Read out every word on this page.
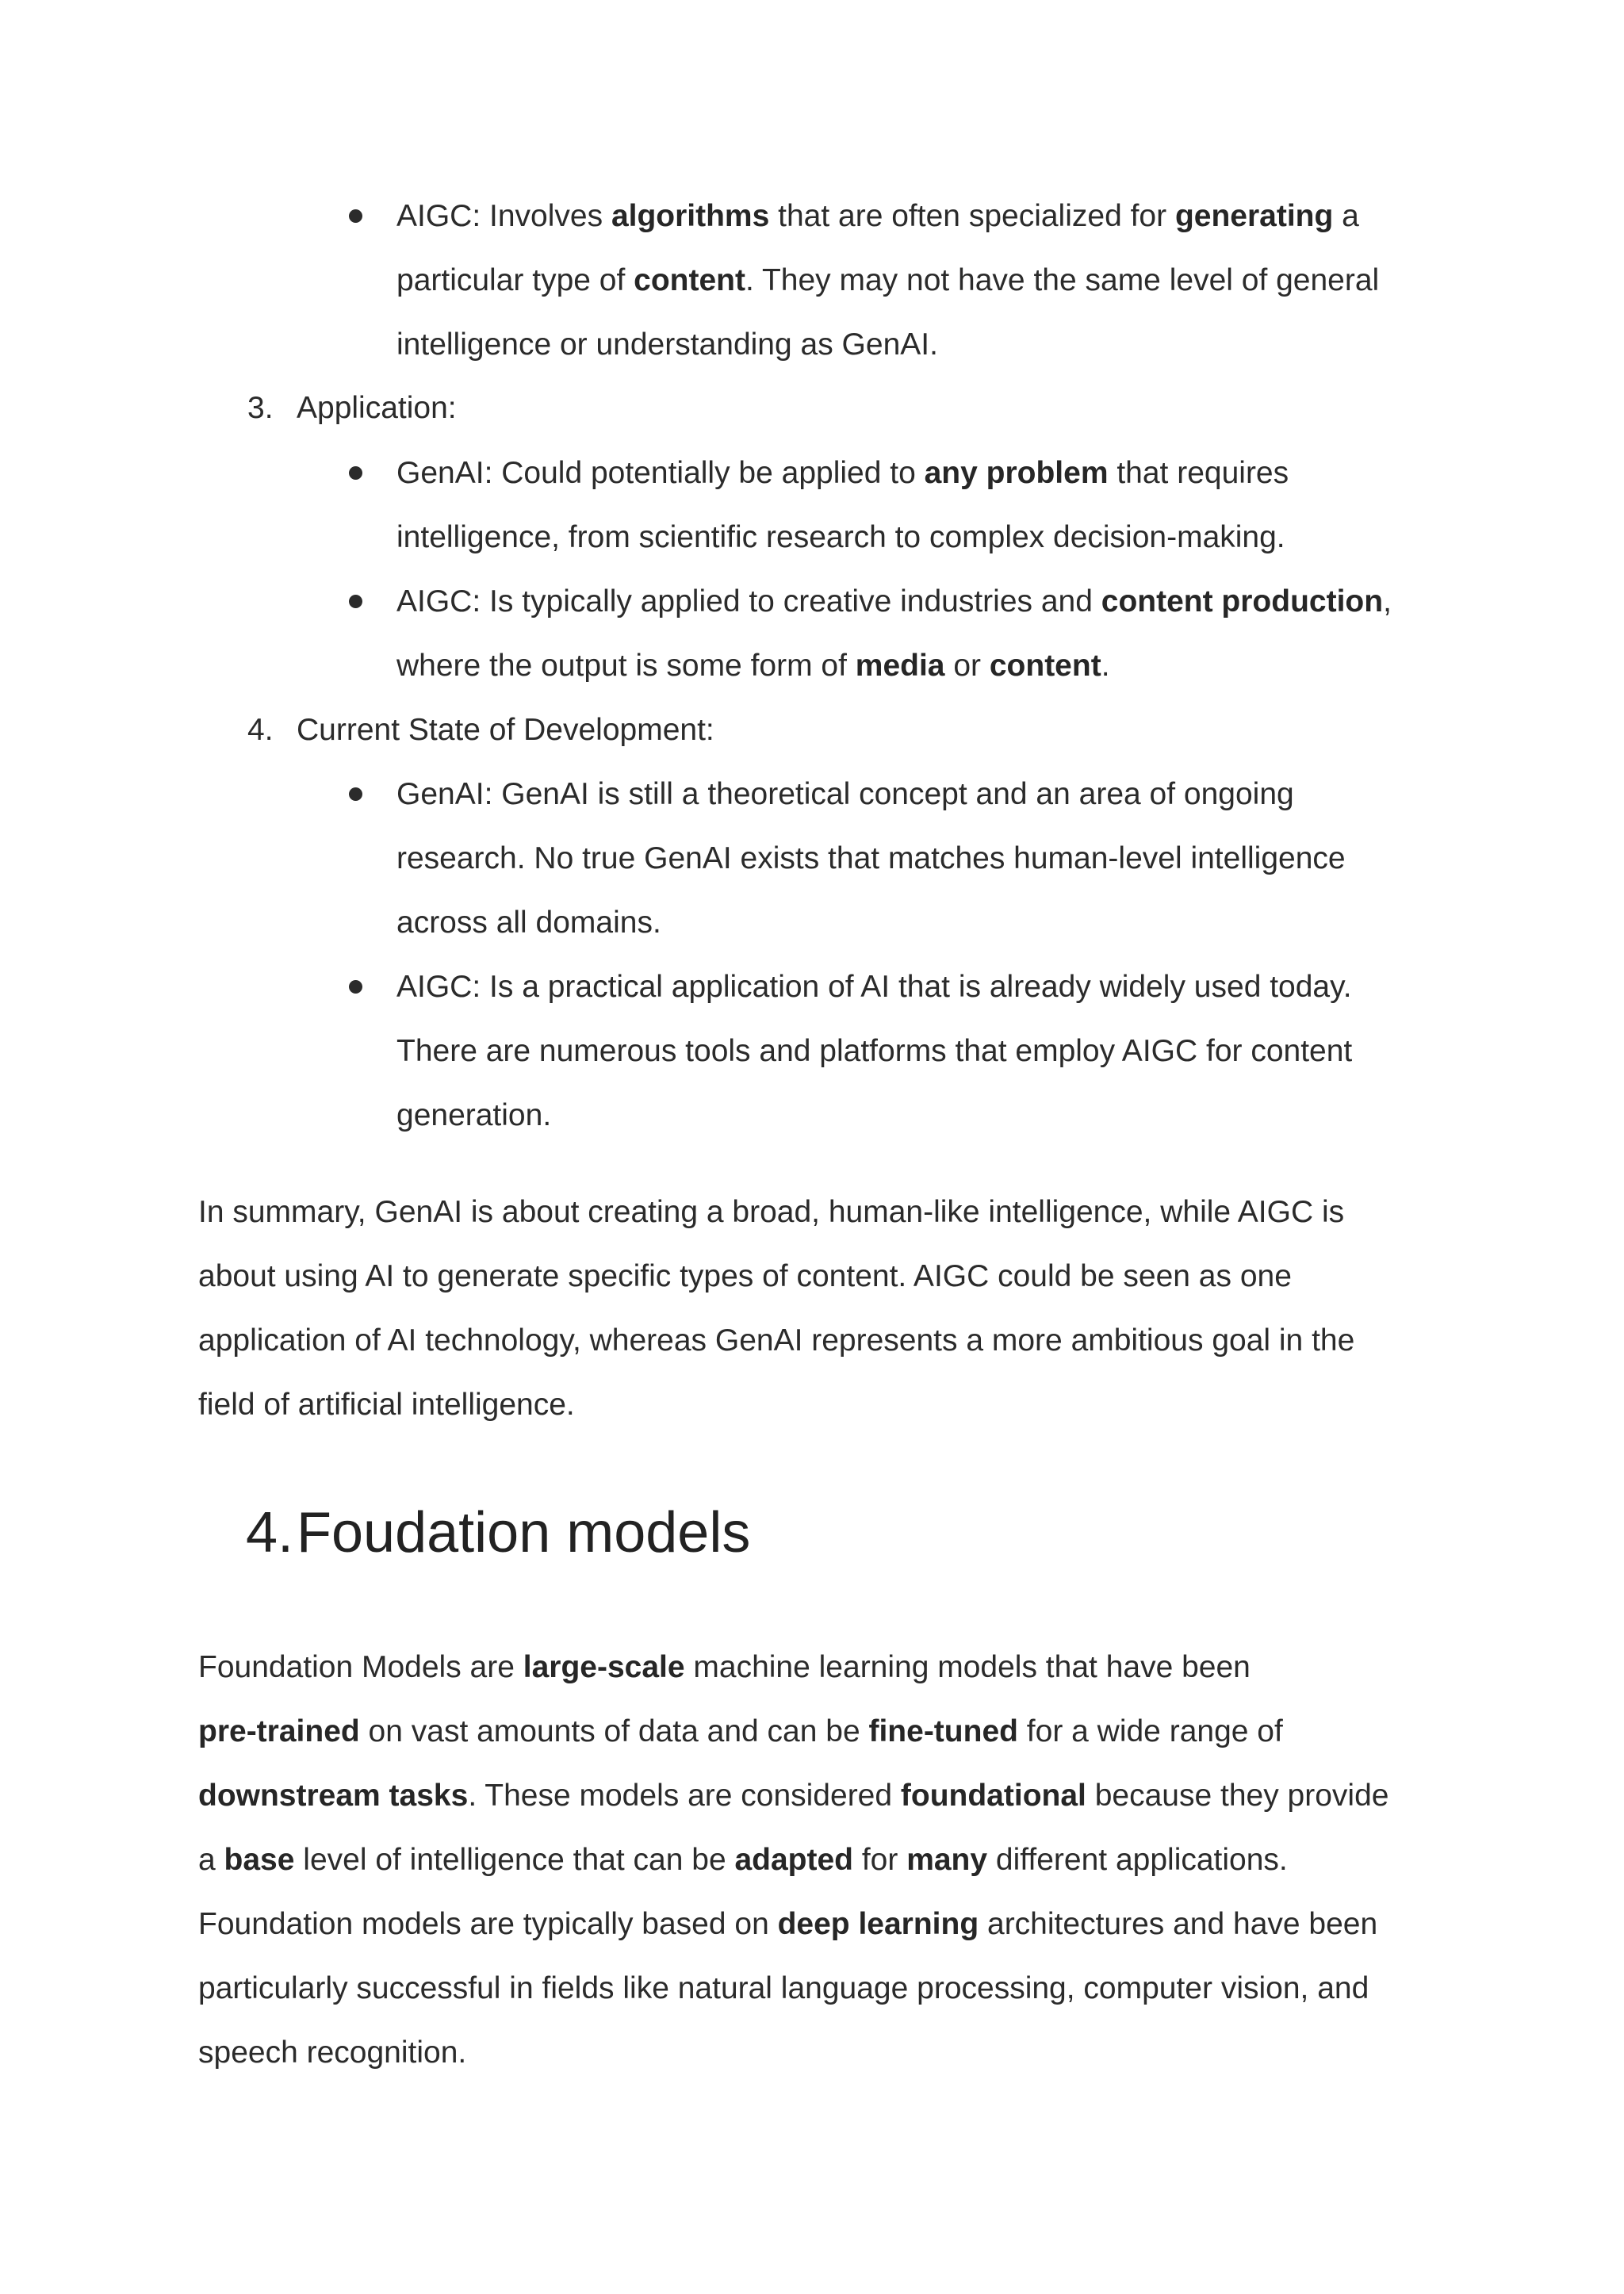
AIGC: Involves algorithms that are often specialized for generating a
particular type of content. They may not have the same level of general
intelligence or understanding as GenAI.
3. Application:
GenAI: Could potentially be applied to any problem that requires
intelligence, from scientific research to complex decision-making.
AIGC: Is typically applied to creative industries and content production,
where the output is some form of media or content.
4. Current State of Development:
GenAI: GenAI is still a theoretical concept and an area of ongoing
research. No true GenAI exists that matches human-level intelligence
across all domains.
AIGC: Is a practical application of AI that is already widely used today.
There are numerous tools and platforms that employ AIGC for content
generation.
In summary, GenAI is about creating a broad, human-like intelligence, while AIGC is
about using AI to generate specific types of content. AIGC could be seen as one
application of AI technology, whereas GenAI represents a more ambitious goal in the
field of artificial intelligence.
4. Foudation models
Foundation Models are large-scale machine learning models that have been
pre-trained on vast amounts of data and can be fine-tuned for a wide range of
downstream tasks. These models are considered foundational because they provide
a base level of intelligence that can be adapted for many different applications.
Foundation models are typically based on deep learning architectures and have been
particularly successful in fields like natural language processing, computer vision, and
speech recognition.
